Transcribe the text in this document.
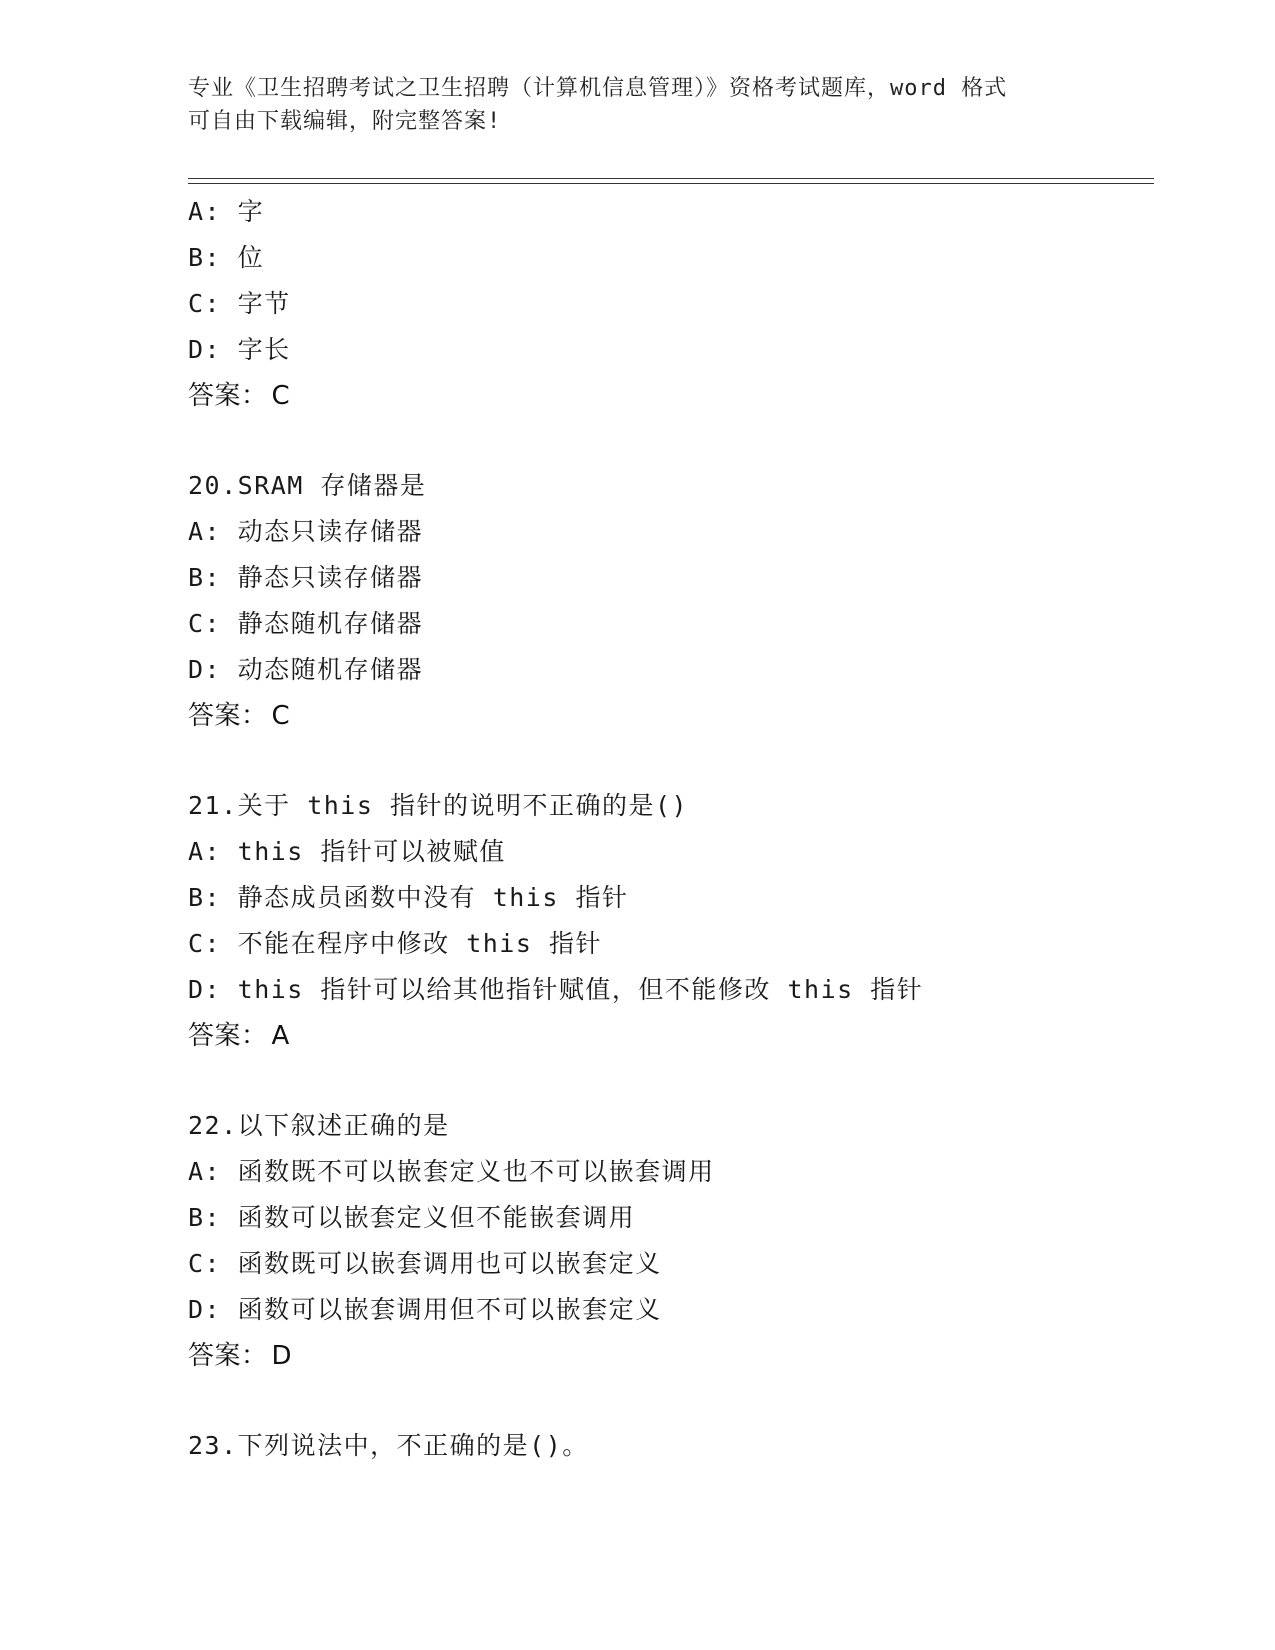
专业《卫生招聘考试之卫生招聘（计算机信息管理）》资格考试题库，word 格式
可自由下载编辑，附完整答案!
A: 字
B: 位
C: 字节
D: 字长
答案： C
20.SRAM 存储器是
A: 动态只读存储器
B: 静态只读存储器
C: 静态随机存储器
D: 动态随机存储器
答案： C
21.关于 this 指针的说明不正确的是()
A: this 指针可以被赋值
B: 静态成员函数中没有 this 指针
C: 不能在程序中修改 this 指针
D: this 指针可以给其他指针赋值，但不能修改 this 指针
答案： A
22.以下叙述正确的是
A: 函数既不可以嵌套定义也不可以嵌套调用
B: 函数可以嵌套定义但不能嵌套调用
C: 函数既可以嵌套调用也可以嵌套定义
D: 函数可以嵌套调用但不可以嵌套定义
答案： D
23.下列说法中，不正确的是()。
